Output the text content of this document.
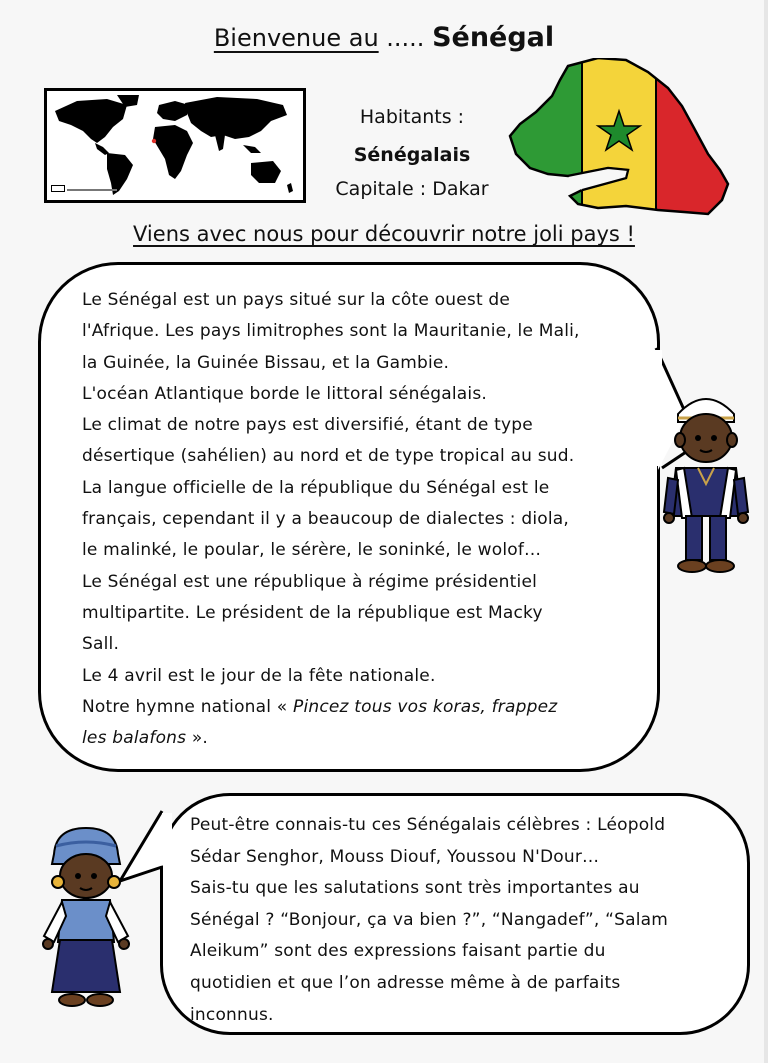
Bienvenue au ..... Sénégal
Habitants :
Sénégalais
Capitale : Dakar
Viens avec nous pour découvrir notre joli pays !
Le Sénégal est un pays situé sur la côte ouest de
l'Afrique. Les pays limitrophes sont la Mauritanie, le Mali,
la Guinée, la Guinée Bissau, et la Gambie.
L'océan Atlantique borde le littoral sénégalais.
Le climat de notre pays est diversifié, étant de type
désertique (sahélien) au nord et de type tropical au sud.
La langue officielle de la république du Sénégal est le
français, cependant il y a beaucoup de dialectes : diola,
le malinké, le poular, le sérère, le soninké, le wolof…
Le Sénégal est une république à régime présidentiel
multipartite. Le président de la république est Macky
Sall.
Le 4 avril est le jour de la fête nationale.
Notre hymne national « Pincez tous vos koras, frappez
les balafons ».
Peut-être connais-tu ces Sénégalais célèbres : Léopold
Sédar Senghor, Mouss Diouf, Youssou N'Dour…
Sais-tu que les salutations sont très importantes au
Sénégal ? “Bonjour, ça va bien ?”, “Nangadef”, “Salam
Aleikum” sont des expressions faisant partie du
quotidien et que l’on adresse même à de parfaits
inconnus.
